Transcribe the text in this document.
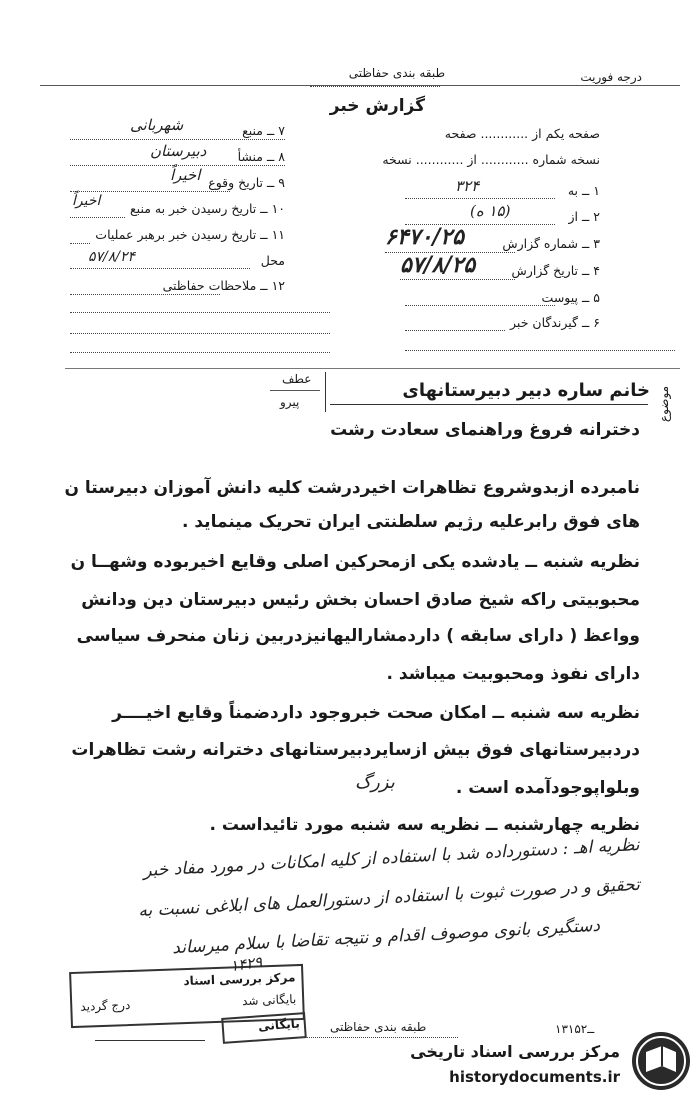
درجه فوریت
طبقه بندی حفاظتی
گزارش خبر
صفحه یکم از ............ صفحه
نسخه شماره ............ از ............ نسخه
۱ ــ به
۳۲۴
۲ ــ از
(۱۵ ه)
۳ ــ شماره گزارش
۶۴۷۰/۲۵
۴ ــ تاریخ گزارش
۵۷/۸/۲۵
۵ ــ پیوست
۶ ــ گیرندگان خبر
۷ ــ منبع
شهربانی
۸ ــ منشأ
دبیرستان
۹ ــ تاریخ وقوع
اخیراً
۱۰ ــ تاریخ رسیدن خبر به منبع
اخیراً
۱۱ ــ تاریخ رسیدن خبر برهبر عملیات
محل
۵۷/۸/۲۴
۱۲ ــ ملاحظات حفاظتی
موضوع
خانم ساره دبیر دبیرستانهای
عطف
پیرو
دخترانه فروغ وراهنمای سعادت رشت
نامبرده ازبدوشروع تظاهرات اخیردرشت کلیه دانش آموزان دبیرستا ن
های فوق رابرعلیه رژیم سلطنتی ایران تحریک مینماید .
نظریه شنبه ــ یادشده یکی ازمحرکین اصلی وقایع اخیربوده وشهــا ن
محبوبیتی راکه شیخ صادق احسان بخش رئیس دبیرستان دین ودانش
وواعظ ( دارای سابقه ) داردمشارالیهانیزدربین زنان منحرف سیاسی
دارای نفوذ ومحبوبیت میباشد .
نظریه سه شنبه ــ امکان صحت خبروجود داردضمناً وقایع اخیــــر
دردبیرستانهای فوق بیش ازسایردبیرستانهای دخترانه رشت تظاهرات
وبلواپوجودآمده است .
بزرگ
نظریه چهارشنبه ــ نظریه سه شنبه مورد تائیداست .
نظریه اهـ : دستورداده شد با استفاده از کلیه امکانات در مورد مفاد خبر
تحقیق و در صورت ثبوت با استفاده از دستورالعمل های ابلاغی نسبت به
دستگیری بانوی موصوف اقدام و نتیجه تقاضا با سلام میرساند
مرکز بررسی اسناد
بایگانی شد
درج گردید
بایگانی
۱۴۲۹
طبقه بندی حفاظتی	۱۳۱ــ۵۲
مرکز بررسی اسناد تاریخی
historydocuments.ir
